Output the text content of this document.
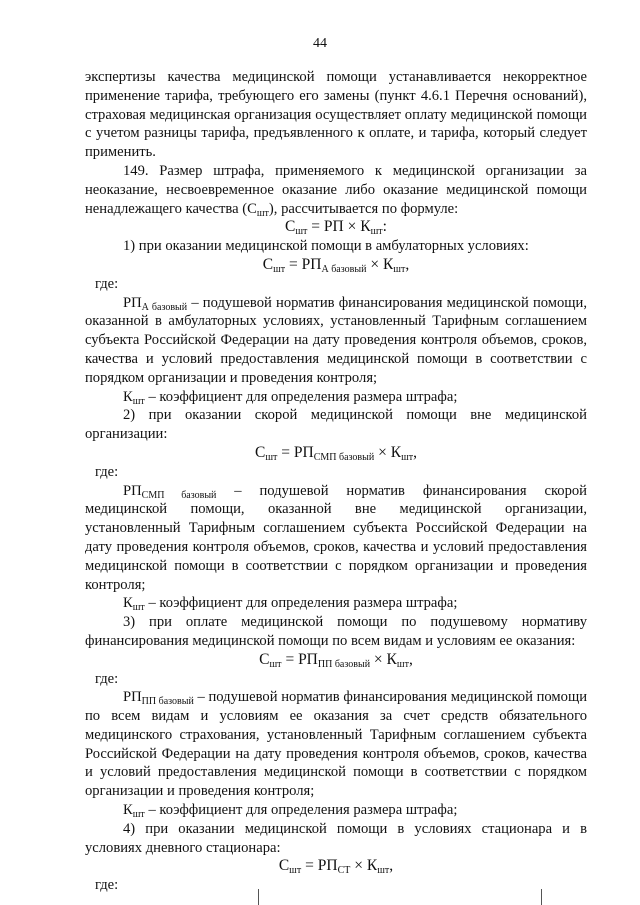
44

экспертизы качества медицинской помощи устанавливается некорректное применение тарифа, требующего его замены (пункт 4.6.1 Перечня оснований), страховая медицинская организация осуществляет оплату медицинской помощи с учетом разницы тарифа, предъявленного к оплате, и тарифа, который следует применить.

149. Размер штрафа, применяемого к медицинской организации за неоказание, несвоевременное оказание либо оказание медицинской помощи ненадлежащего качества $(С_{шт})$, рассчитывается по формуле:

$С_{шт}$ = РП × $К_{шт}$:

1) при оказании медицинской помощи в амбулаторных условиях:

$С_{шт} = РП_{А базовый} \times К_{шт}$,

где:

$РП_{А базовый}$ – подушевой норматив финансирования медицинской помощи, оказанной в амбулаторных условиях, установленный Тарифным соглашением субъекта Российской Федерации на дату проведения контроля объемов, сроков, качества и условий предоставления медицинской помощи в соответствии с порядком организации и проведения контроля;

$К_{шт}$ – коэффициент для определения размера штрафа;

2) при оказании скорой медицинской помощи вне медицинской организации:

$С_{шт} = РП_{СМП базовый} \times К_{шт}$,

где:

$РП_{СМП базовый}$ – подушевой норматив финансирования скорой медицинской помощи, оказанной вне медицинской организации, установленный Тарифным соглашением субъекта Российской Федерации на дату проведения контроля объемов, сроков, качества и условий предоставления медицинской помощи в соответствии с порядком организации и проведения контроля;

$К_{шт}$ – коэффициент для определения размера штрафа;

3) при оплате медицинской помощи по подушевому нормативу финансирования медицинской помощи по всем видам и условиям ее оказания:

$С_{шт} = РП_{ПП базовый} \times К_{шт}$,

где:

$РП_{ПП базовый}$ – подушевой норматив финансирования медицинской помощи по всем видам и условиям ее оказания за счет средств обязательного медицинского страхования, установленный Тарифным соглашением субъекта Российской Федерации на дату проведения контроля объемов, сроков, качества и условий предоставления медицинской помощи в соответствии с порядком организации и проведения контроля;

$К_{шт}$ – коэффициент для определения размера штрафа;

4) при оказании медицинской помощи в условиях стационара и в условиях дневного стационара:

$С_{шт} = РП_{СТ} \times К_{шт}$,

где:
